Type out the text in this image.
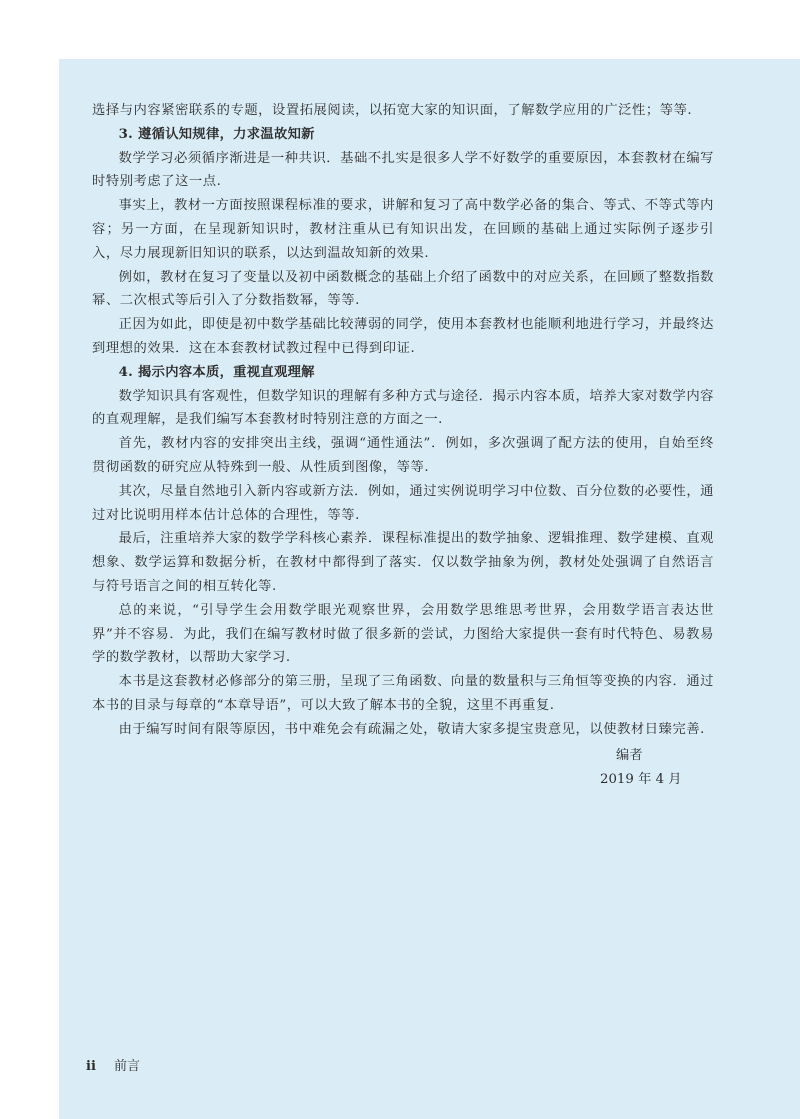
选择与内容紧密联系的专题，设置拓展阅读，以拓宽大家的知识面，了解数学应用的广泛性；等等.

3. 遵循认知规律，力求温故知新

数学学习必须循序渐进是一种共识．基础不扎实是很多人学不好数学的重要原因，本套教材在编写时特别考虑了这一点.

事实上，教材一方面按照课程标准的要求，讲解和复习了高中数学必备的集合、等式、不等式等内容；另一方面，在呈现新知识时，教材注重从已有知识出发，在回顾的基础上通过实际例子逐步引入，尽力展现新旧知识的联系，以达到温故知新的效果.

例如，教材在复习了变量以及初中函数概念的基础上介绍了函数中的对应关系，在回顾了整数指数幂、二次根式等后引入了分数指数幂，等等.

正因为如此，即使是初中数学基础比较薄弱的同学，使用本套教材也能顺利地进行学习，并最终达到理想的效果．这在本套教材试教过程中已得到印证.

4. 揭示内容本质，重视直观理解

数学知识具有客观性，但数学知识的理解有多种方式与途径．揭示内容本质，培养大家对数学内容的直观理解，是我们编写本套教材时特别注意的方面之一.

首先，教材内容的安排突出主线，强调“通性通法”．例如，多次强调了配方法的使用，自始至终贯彻函数的研究应从特殊到一般、从性质到图像，等等.

其次，尽量自然地引入新内容或新方法．例如，通过实例说明学习中位数、百分位数的必要性，通过对比说明用样本估计总体的合理性，等等.

最后，注重培养大家的数学学科核心素养．课程标准提出的数学抽象、逻辑推理、数学建模、直观想象、数学运算和数据分析，在教材中都得到了落实．仅以数学抽象为例，教材处处强调了自然语言与符号语言之间的相互转化等.

总的来说，“引导学生会用数学眼光观察世界，会用数学思维思考世界，会用数学语言表达世界”并不容易．为此，我们在编写教材时做了很多新的尝试，力图给大家提供一套有时代特色、易教易学的数学教材，以帮助大家学习.

本书是这套教材必修部分的第三册，呈现了三角函数、向量的数量积与三角恒等变换的内容．通过本书的目录与每章的“本章导语”，可以大致了解本书的全貌，这里不再重复.

由于编写时间有限等原因，书中难免会有疏漏之处，敬请大家多提宝贵意见，以使教材日臻完善.

编者
2019 年 4 月
ii 前言
